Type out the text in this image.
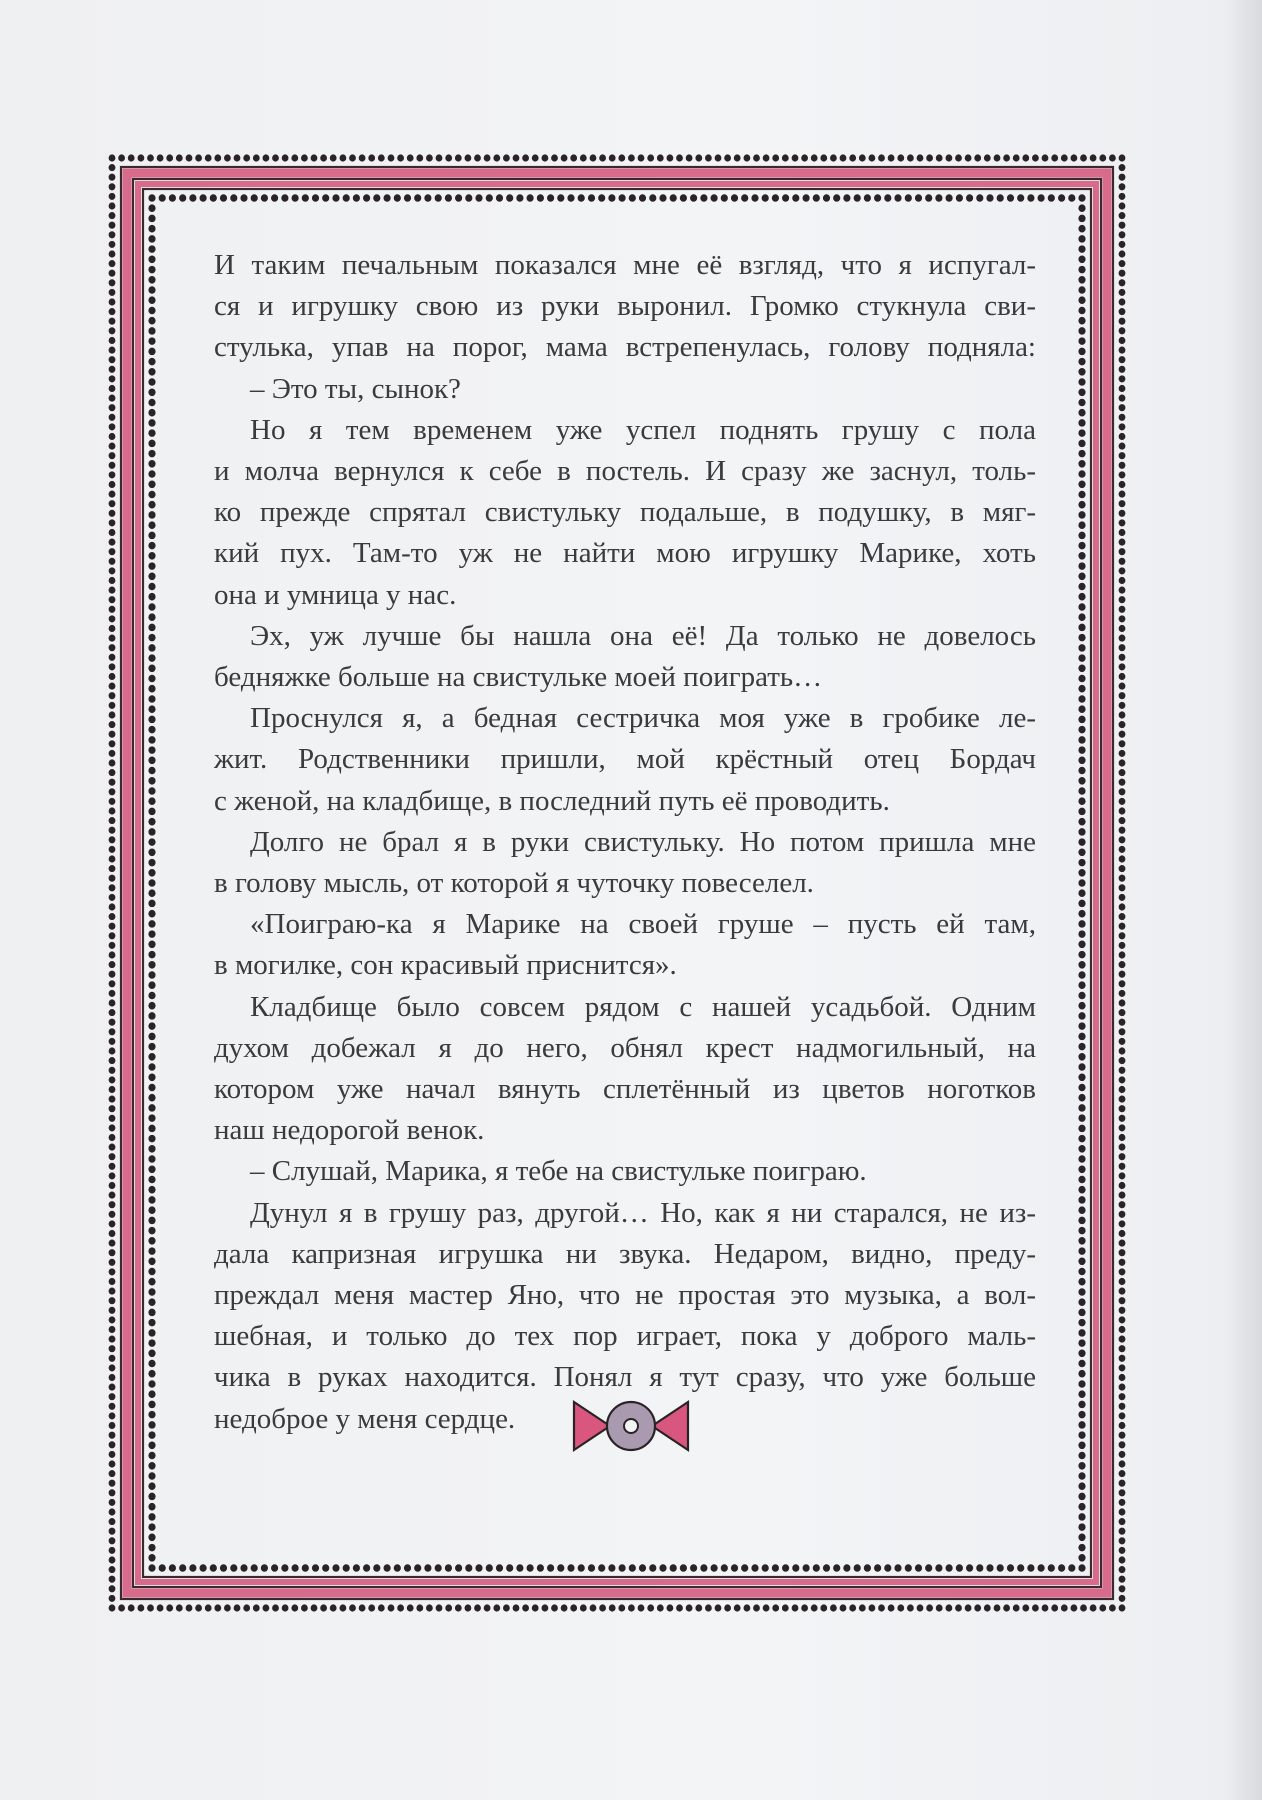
И таким печальным показался мне её взгляд, что я испугал-
ся и игрушку свою из руки выронил. Громко стукнула сви-
стулька, упав на порог, мама встрепенулась, голову подняла:
– Это ты, сынок?
Но я тем временем уже успел поднять грушу с пола
и молча вернулся к себе в постель. И сразу же заснул, толь-
ко прежде спрятал свистульку подальше, в подушку, в мяг-
кий пух. Там-то уж не найти мою игрушку Марике, хоть
она и умница у нас.
Эх, уж лучше бы нашла она её! Да только не довелось
бедняжке больше на свистульке моей поиграть…
Проснулся я, а бедная сестричка моя уже в гробике ле-
жит. Родственники пришли, мой крёстный отец Бордач
с женой, на кладбище, в последний путь её проводить.
Долго не брал я в руки свистульку. Но потом пришла мне
в голову мысль, от которой я чуточку повеселел.
«Поиграю-ка я Марике на своей груше – пусть ей там,
в могилке, сон красивый приснится».
Кладбище было совсем рядом с нашей усадьбой. Одним
духом добежал я до него, обнял крест надмогильный, на
котором уже начал вянуть сплетённый из цветов ноготков
наш недорогой венок.
– Слушай, Марика, я тебе на свистульке поиграю.
Дунул я в грушу раз, другой… Но, как я ни старался, не из-
дала капризная игрушка ни звука. Недаром, видно, преду-
преждал меня мастер Яно, что не простая это музыка, а вол-
шебная, и только до тех пор играет, пока у доброго маль-
чика в руках находится. Понял я тут сразу, что уже больше
недоброе у меня сердце.
